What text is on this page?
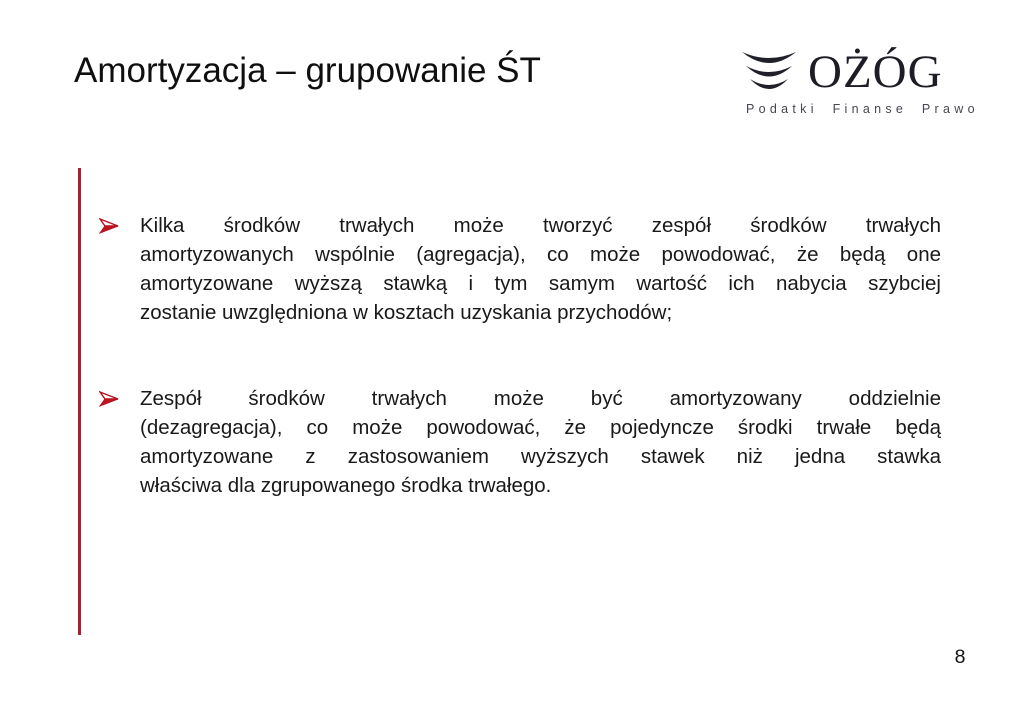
Amortyzacja – grupowanie ŚT	OŻÓG
Podatki Finanse Prawo
Kilka środków trwałych może tworzyć zespół środków trwałych
amortyzowanych wspólnie (agregacja), co może powodować, że będą one
amortyzowane wyższą stawką i tym samym wartość ich nabycia szybciej
zostanie uwzględniona w kosztach uzyskania przychodów;
Zespół środków trwałych może być amortyzowany oddzielnie
(dezagregacja), co może powodować, że pojedyncze środki trwałe będą
amortyzowane z zastosowaniem wyższych stawek niż jedna stawka
właściwa dla zgrupowanego środka trwałego.
8
